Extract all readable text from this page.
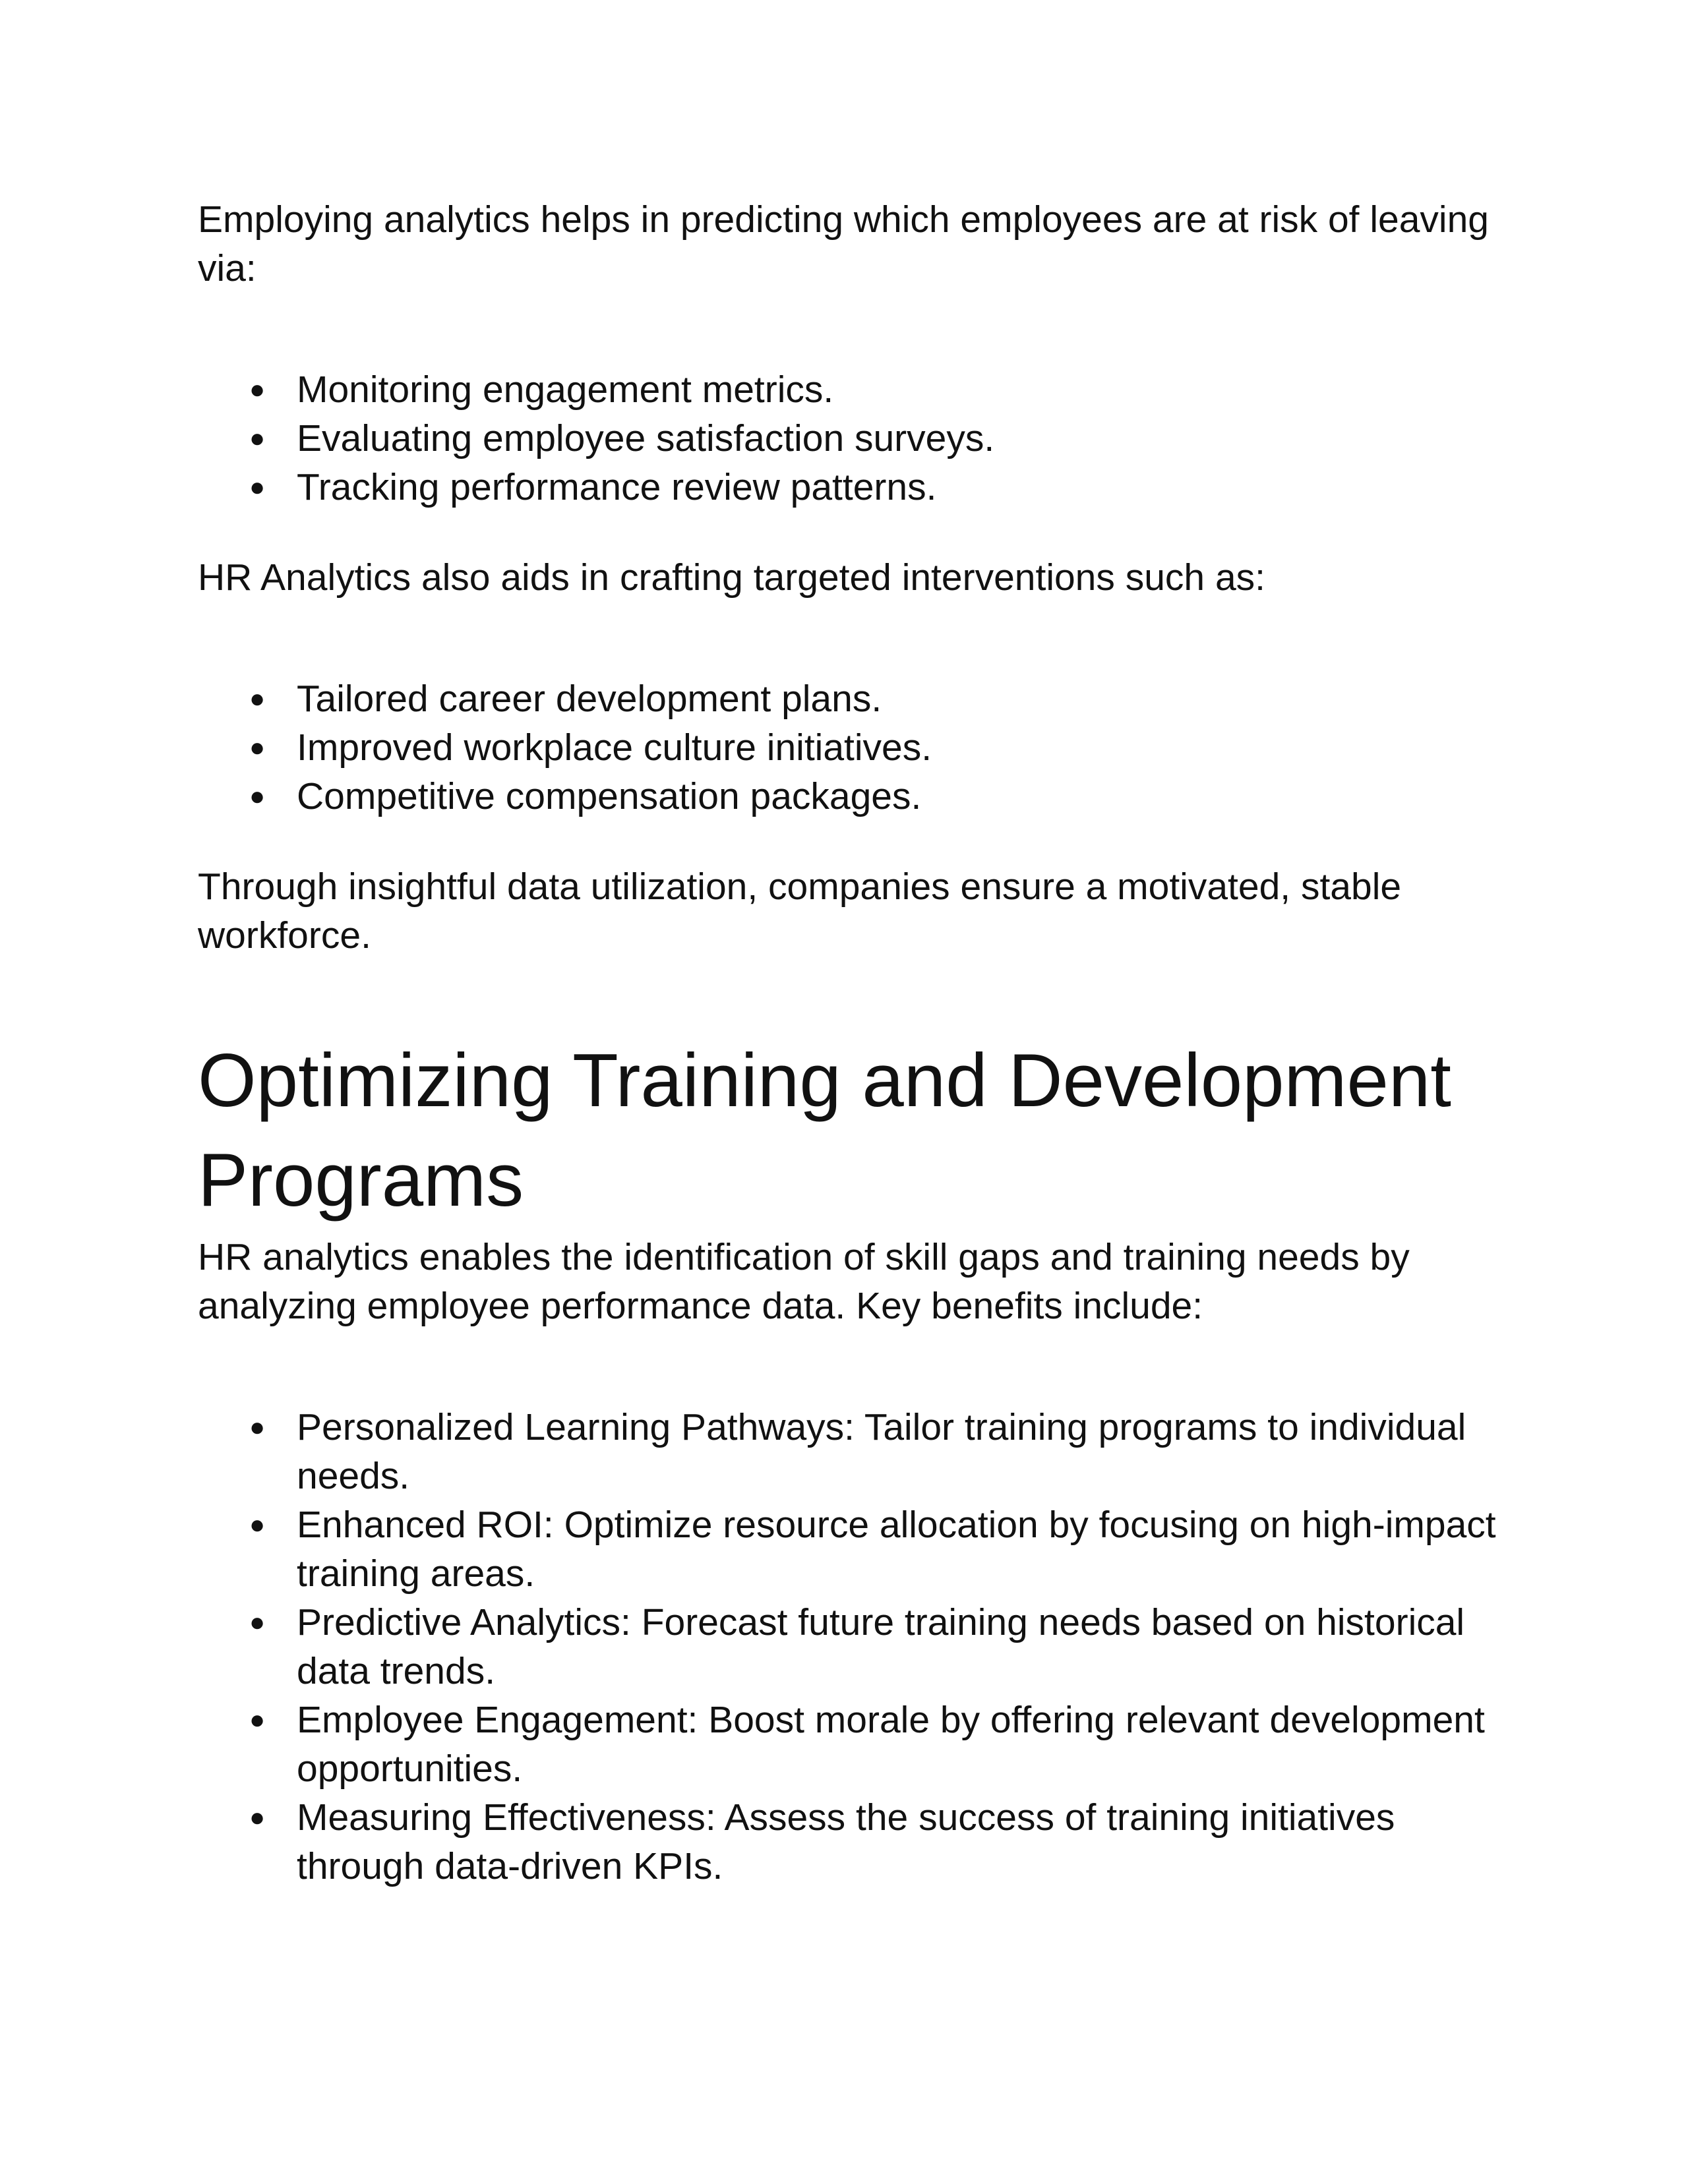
Employing analytics helps in predicting which employees are at risk of leaving via:

● Monitoring engagement metrics.
● Evaluating employee satisfaction surveys.
● Tracking performance review patterns.

HR Analytics also aids in crafting targeted interventions such as:

● Tailored career development plans.
● Improved workplace culture initiatives.
● Competitive compensation packages.

Through insightful data utilization, companies ensure a motivated, stable workforce.

Optimizing Training and Development Programs

HR analytics enables the identification of skill gaps and training needs by analyzing employee performance data. Key benefits include:

● Personalized Learning Pathways: Tailor training programs to individual needs.
● Enhanced ROI: Optimize resource allocation by focusing on high-impact training areas.
● Predictive Analytics: Forecast future training needs based on historical data trends.
● Employee Engagement: Boost morale by offering relevant development opportunities.
● Measuring Effectiveness: Assess the success of training initiatives through data-driven KPIs.
